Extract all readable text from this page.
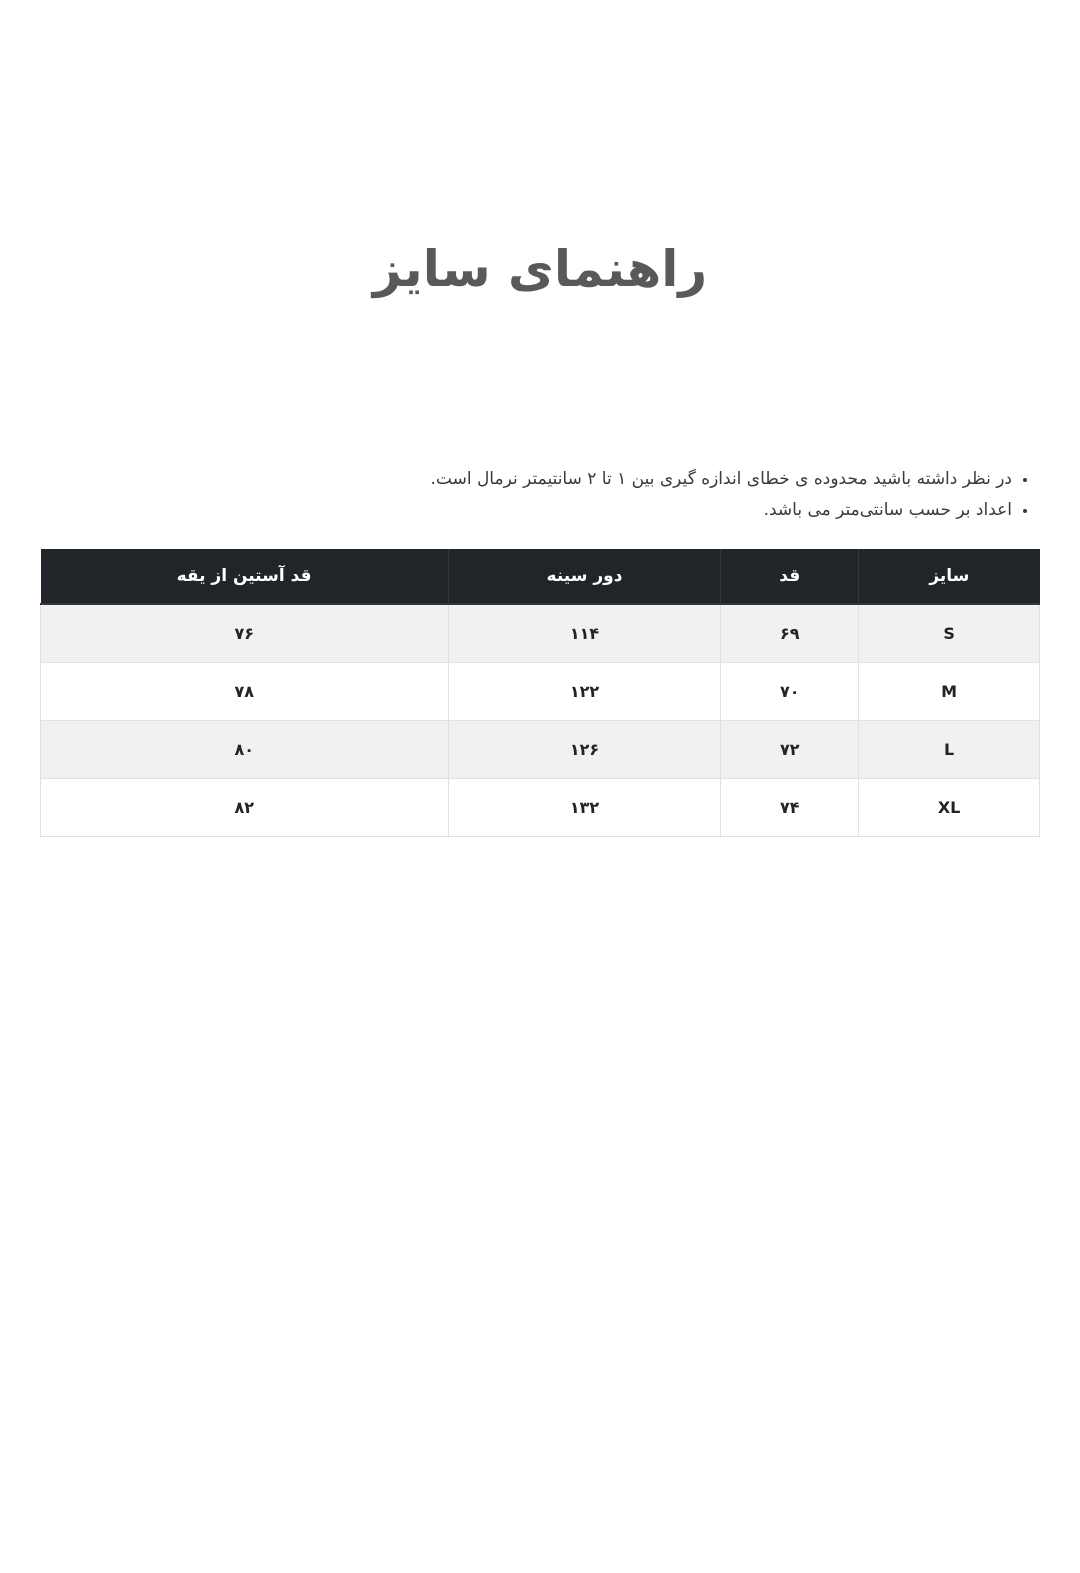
راهنمای سایز
• در نظر داشته باشید محدوده ی خطای اندازه گیری بین ۱ تا ۲ سانتیمتر نرمال است.
• اعداد بر حسب سانتی‌متر می باشد.
سایز	قد	دور سینه	قد آستین از یقه
S	۶۹	۱۱۴	۷۶
M	۷۰	۱۲۲	۷۸
L	۷۲	۱۲۶	۸۰
XL	۷۴	۱۳۲	۸۲
